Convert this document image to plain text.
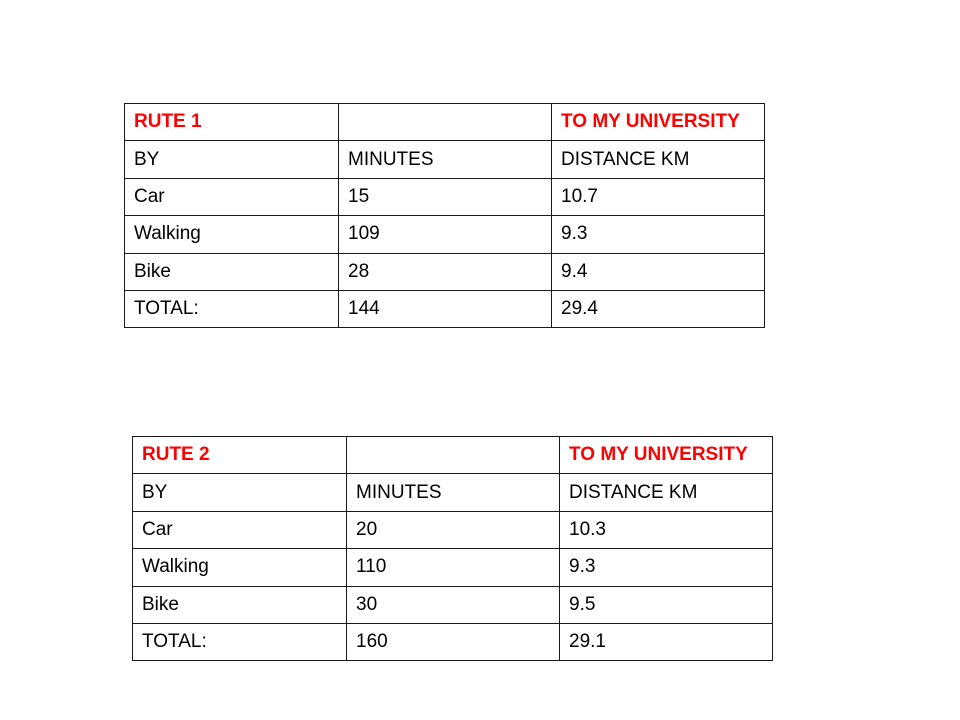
RUTE 1		TO MY UNIVERSITY
BY	MINUTES	DISTANCE KM
Car	15	10.7
Walking	109	9.3
Bike	28	9.4
TOTAL:	144	29.4
RUTE 2		TO MY UNIVERSITY
BY	MINUTES	DISTANCE KM
Car	20	10.3
Walking	110	9.3
Bike	30	9.5
TOTAL:	160	29.1
